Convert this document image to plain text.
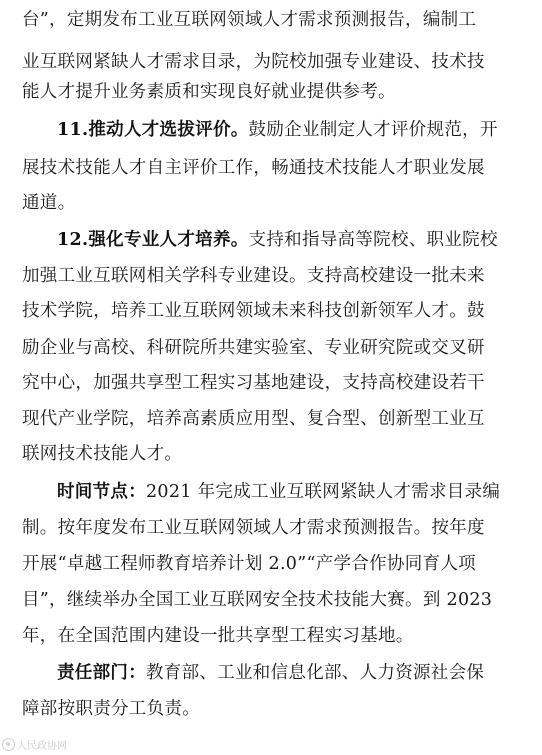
台”，定期发布工业互联网领域人才需求预测报告，编制工
业互联网紧缺人才需求目录，为院校加强专业建设、技术技
能人才提升业务素质和实现良好就业提供参考。
11.推动人才选拔评价。鼓励企业制定人才评价规范，开
展技术技能人才自主评价工作，畅通技术技能人才职业发展
通道。
12.强化专业人才培养。支持和指导高等院校、职业院校
加强工业互联网相关学科专业建设。支持高校建设一批未来
技术学院，培养工业互联网领域未来科技创新领军人才。鼓
励企业与高校、科研院所共建实验室、专业研究院或交叉研
究中心，加强共享型工程实习基地建设，支持高校建设若干
现代产业学院，培养高素质应用型、复合型、创新型工业互
联网技术技能人才。
时间节点：2021 年完成工业互联网紧缺人才需求目录编
制。按年度发布工业互联网领域人才需求预测报告。按年度
开展“卓越工程师教育培养计划 2.0”“产学合作协同育人项
目”，继续举办全国工业互联网安全技术技能大赛。到 2023
年，在全国范围内建设一批共享型工程实习基地。
责任部门：教育部、工业和信息化部、人力资源社会保
障部按职责分工负责。
人民政协网
